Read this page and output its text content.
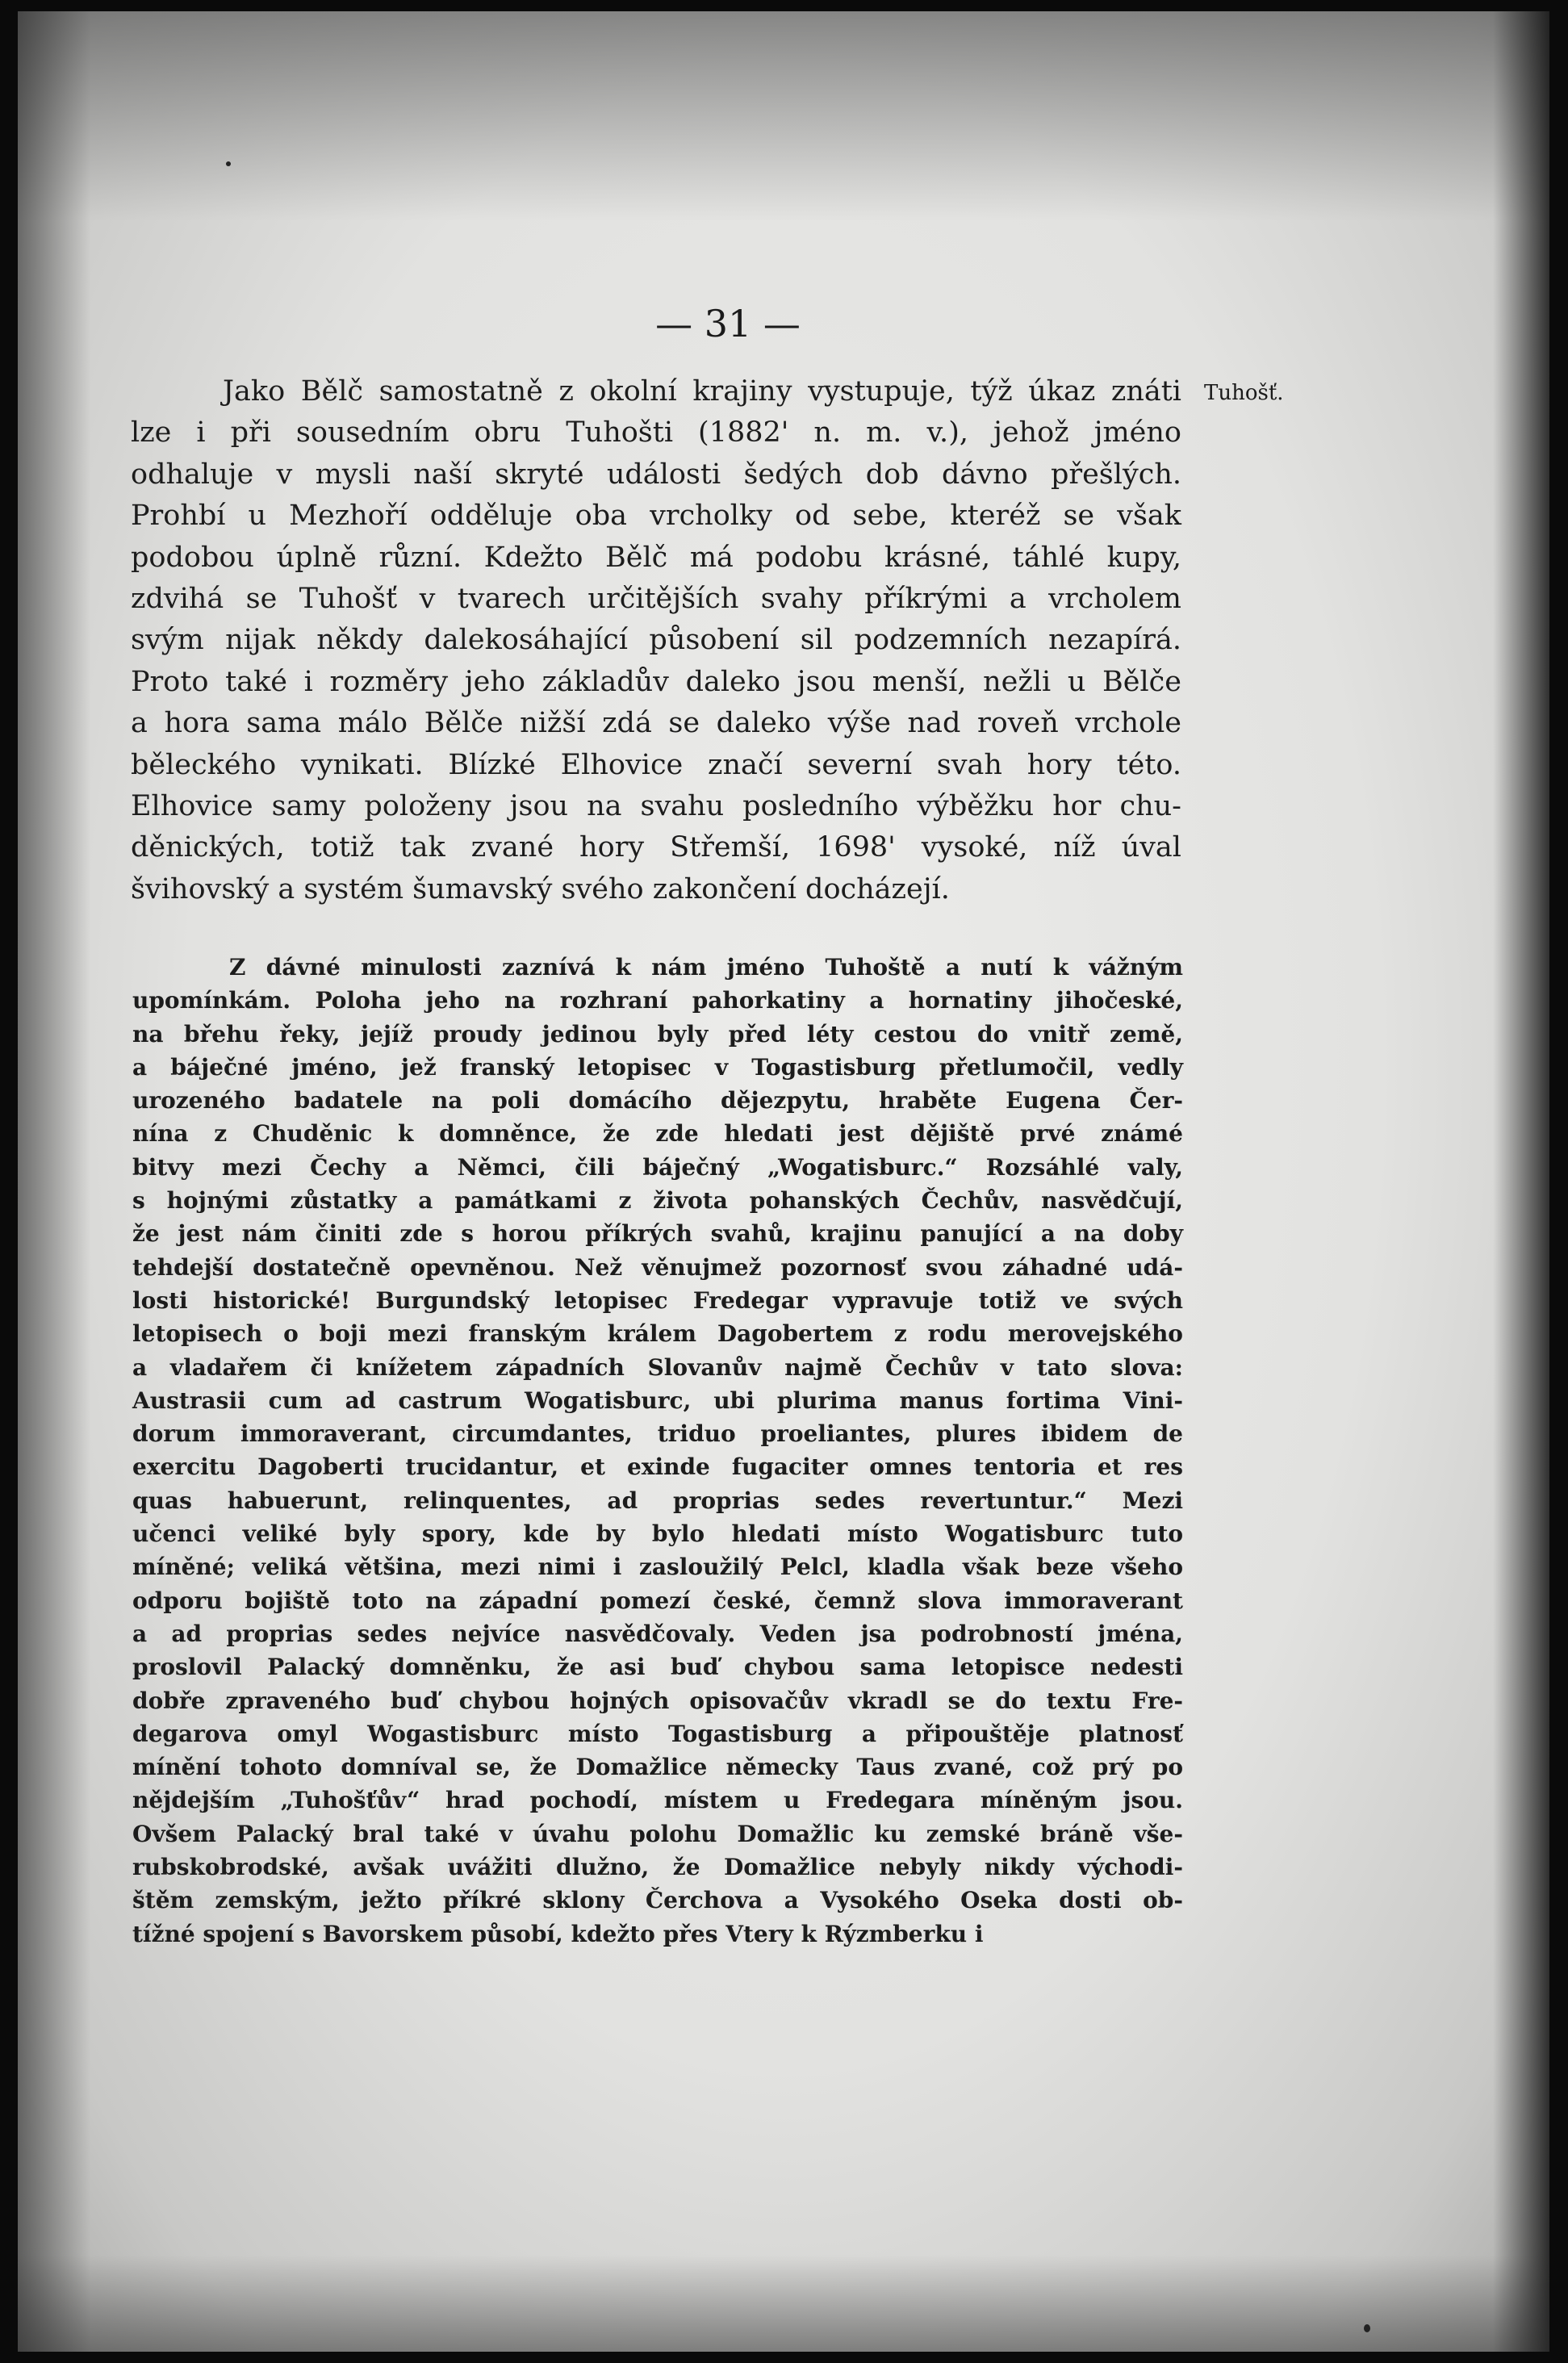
— 31 —
Tuhošť.
Jako Bělč samostatně z okolní krajiny vystupuje, týž úkaz znáti
lze i při sousedním obru Tuhošti (1882' n. m. v.), jehož jméno
odhaluje v mysli naší skryté události šedých dob dávno přešlých.
Prohbí u Mezhoří odděluje oba vrcholky od sebe, kteréž se však
podobou úplně různí. Kdežto Bělč má podobu krásné, táhlé kupy,
zdvihá se Tuhošť v tvarech určitějších svahy příkrými a vrcholem
svým nijak někdy dalekosáhající působení sil podzemních nezapírá.
Proto také i rozměry jeho základův daleko jsou menší, nežli u Bělče
a hora sama málo Bělče nižší zdá se daleko výše nad roveň vrchole
běleckého vynikati. Blízké Elhovice značí severní svah hory této.
Elhovice samy položeny jsou na svahu posledního výběžku hor chu-
děnických, totiž tak zvané hory Střemší, 1698' vysoké, níž úval
švihovský a systém šumavský svého zakončení docházejí.
Z dávné minulosti zaznívá k nám jméno Tuhoště a nutí k vážným
upomínkám. Poloha jeho na rozhraní pahorkatiny a hornatiny jihočeské,
na břehu řeky, jejíž proudy jedinou byly před léty cestou do vnitř země,
a báječné jméno, jež franský letopisec v Togastisburg přetlumočil, vedly
urozeného badatele na poli domácího dějezpytu, hraběte Eugena Čer-
nína z Chuděnic k domněnce, že zde hledati jest dějiště prvé známé
bitvy mezi Čechy a Němci, čili báječný „Wogatisburc.“ Rozsáhlé valy,
s hojnými zůstatky a památkami z života pohanských Čechův, nasvědčují,
že jest nám činiti zde s horou příkrých svahů, krajinu panující a na doby
tehdejší dostatečně opevněnou. Než věnujmež pozornosť svou záhadné udá-
losti historické! Burgundský letopisec Fredegar vypravuje totiž ve svých
letopisech o boji mezi franským králem Dagobertem z rodu merovejského
a vladařem či knížetem západních Slovanův najmě Čechův v tato slova:
Austrasii cum ad castrum Wogatisburc, ubi plurima manus fortima Vini-
dorum immoraverant, circumdantes, triduo proeliantes, plures ibidem de
exercitu Dagoberti trucidantur, et exinde fugaciter omnes tentoria et res
quas habuerunt, relinquentes, ad proprias sedes revertuntur.“ Mezi
učenci veliké byly spory, kde by bylo hledati místo Wogatisburc tuto
míněné; veliká většina, mezi nimi i zasloužilý Pelcl, kladla však beze všeho
odporu bojiště toto na západní pomezí české, čemnž slova immoraverant
a ad proprias sedes nejvíce nasvědčovaly. Veden jsa podrobností jména,
proslovil Palacký domněnku, že asi buď chybou sama letopisce nedesti
dobře zpraveného buď chybou hojných opisovačův vkradl se do textu Fre-
degarova omyl Wogastisburc místo Togastisburg a připouštěje platnosť
mínění tohoto domníval se, že Domažlice německy Taus zvané, což prý po
nějdejším „Tuhošťův“ hrad pochodí, místem u Fredegara míněným jsou.
Ovšem Palacký bral také v úvahu polohu Domažlic ku zemské bráně vše-
rubskobrodské, avšak uvážiti dlužno, že Domažlice nebyly nikdy východi-
štěm zemským, ježto příkré sklony Čerchova a Vysokého Oseka dosti ob-
tížné spojení s Bavorskem působí, kdežto přes Vtery k Rýzmberku i
